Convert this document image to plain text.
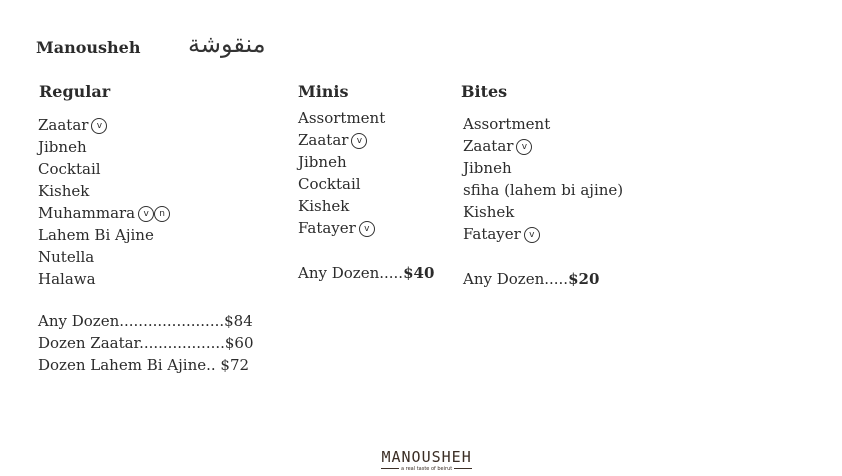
Manousheh منقوشة
Regular
Zaatar v
Jibneh
Cocktail
Kishek
Muhammara v n
Lahem Bi Ajine
Nutella
Halawa
Any Dozen......................$84
Dozen Zaatar..................$60
Dozen Lahem Bi Ajine.. $72
Minis
Assortment
Zaatar v
Jibneh
Cocktail
Kishek
Fatayer v
Any Dozen.....$40
Bites
Assortment
Zaatar v
Jibneh
sfiha (lahem bi ajine)
Kishek
Fatayer v
Any Dozen.....$20
MANOUSHEH
a real taste of beirut
